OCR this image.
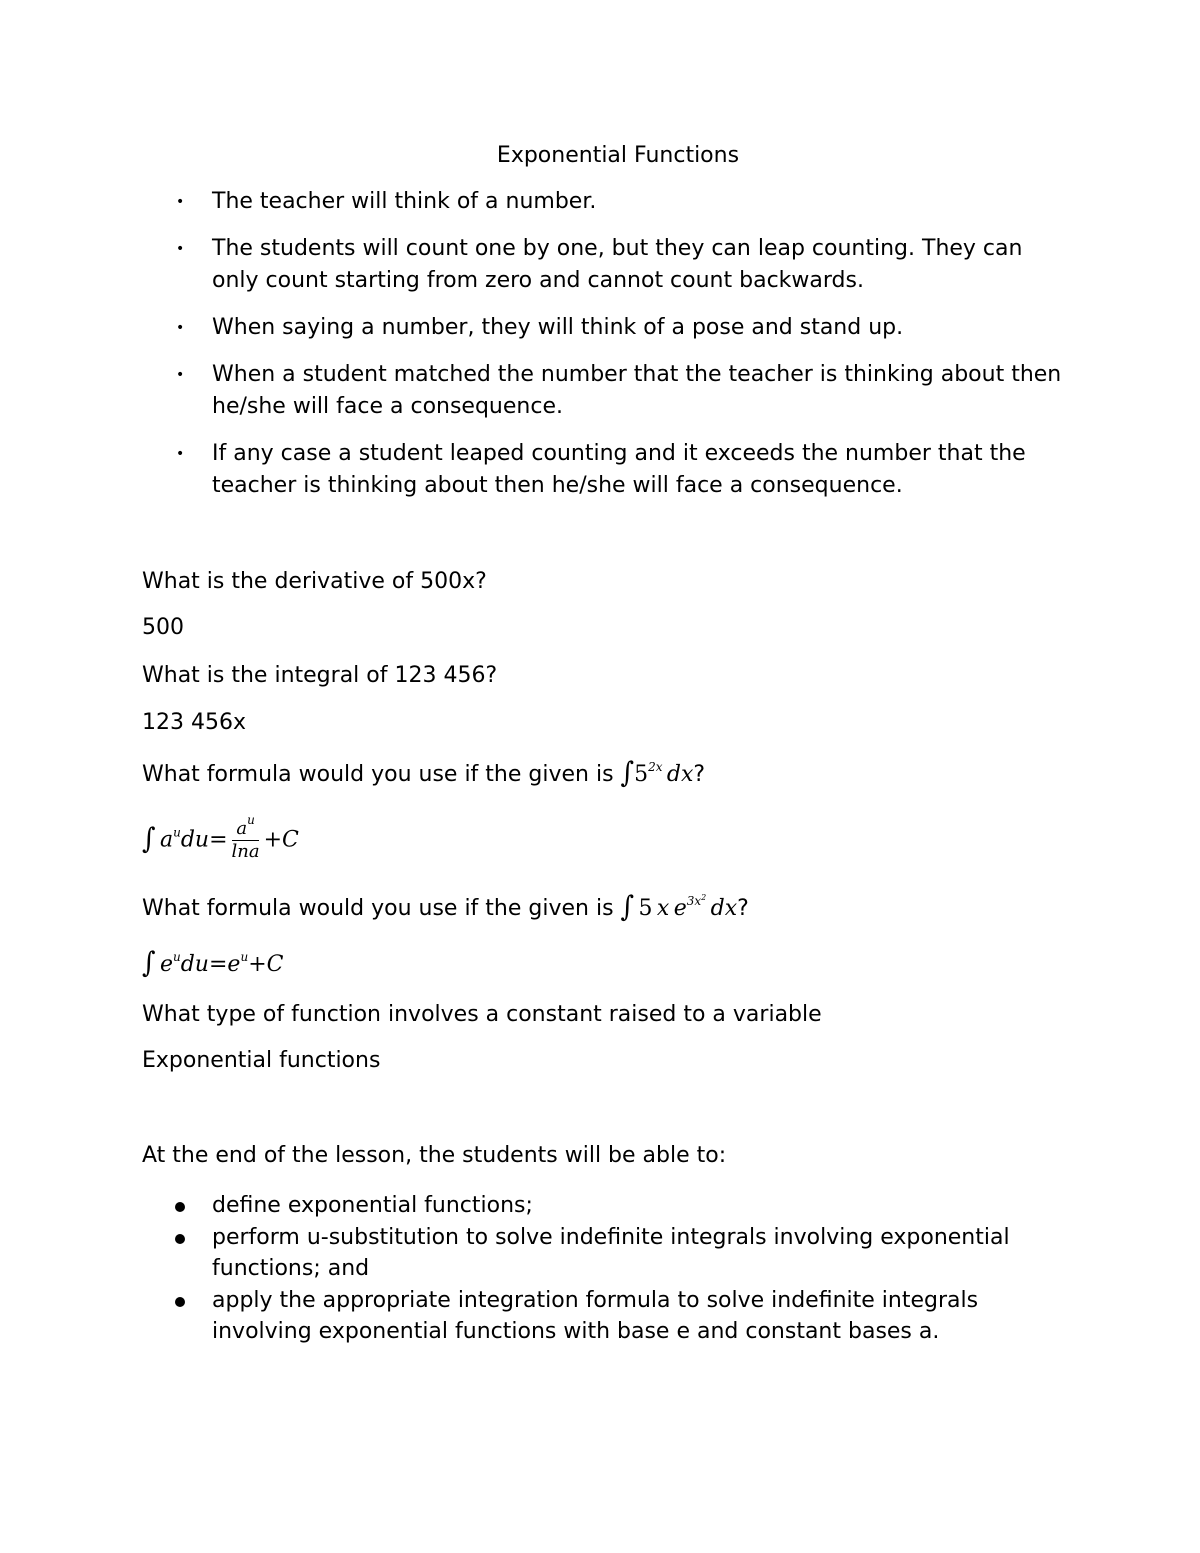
Exponential Functions
• The teacher will think of a number.
• The students will count one by one, but they can leap counting. They can only count starting from zero and cannot count backwards.
• When saying a number, they will think of a pose and stand up.
• When a student matched the number that the teacher is thinking about then he/she will face a consequence.
• If any case a student leaped counting and it exceeds the number that the teacher is thinking about then he/she will face a consequence.
What is the derivative of 500x?
500
What is the integral of 123 456?
123 456x
What formula would you use if the given is $\int 5^{2x}$  dx?
∫  $a^udu= \frac{a^u}{\ln a} +C$
What formula would you use if the given is ∫  5  x  $e^{3x^2}$  dx?
∫  $e^udu=e^u+C$
What type of function involves a constant raised to a variable
Exponential functions
At the end of the lesson, the students will be able to:
define exponential functions;
perform u-substitution to solve indefinite integrals involving exponential functions; and
apply the appropriate integration formula to solve indefinite integrals involving exponential functions with base e and constant bases a.
